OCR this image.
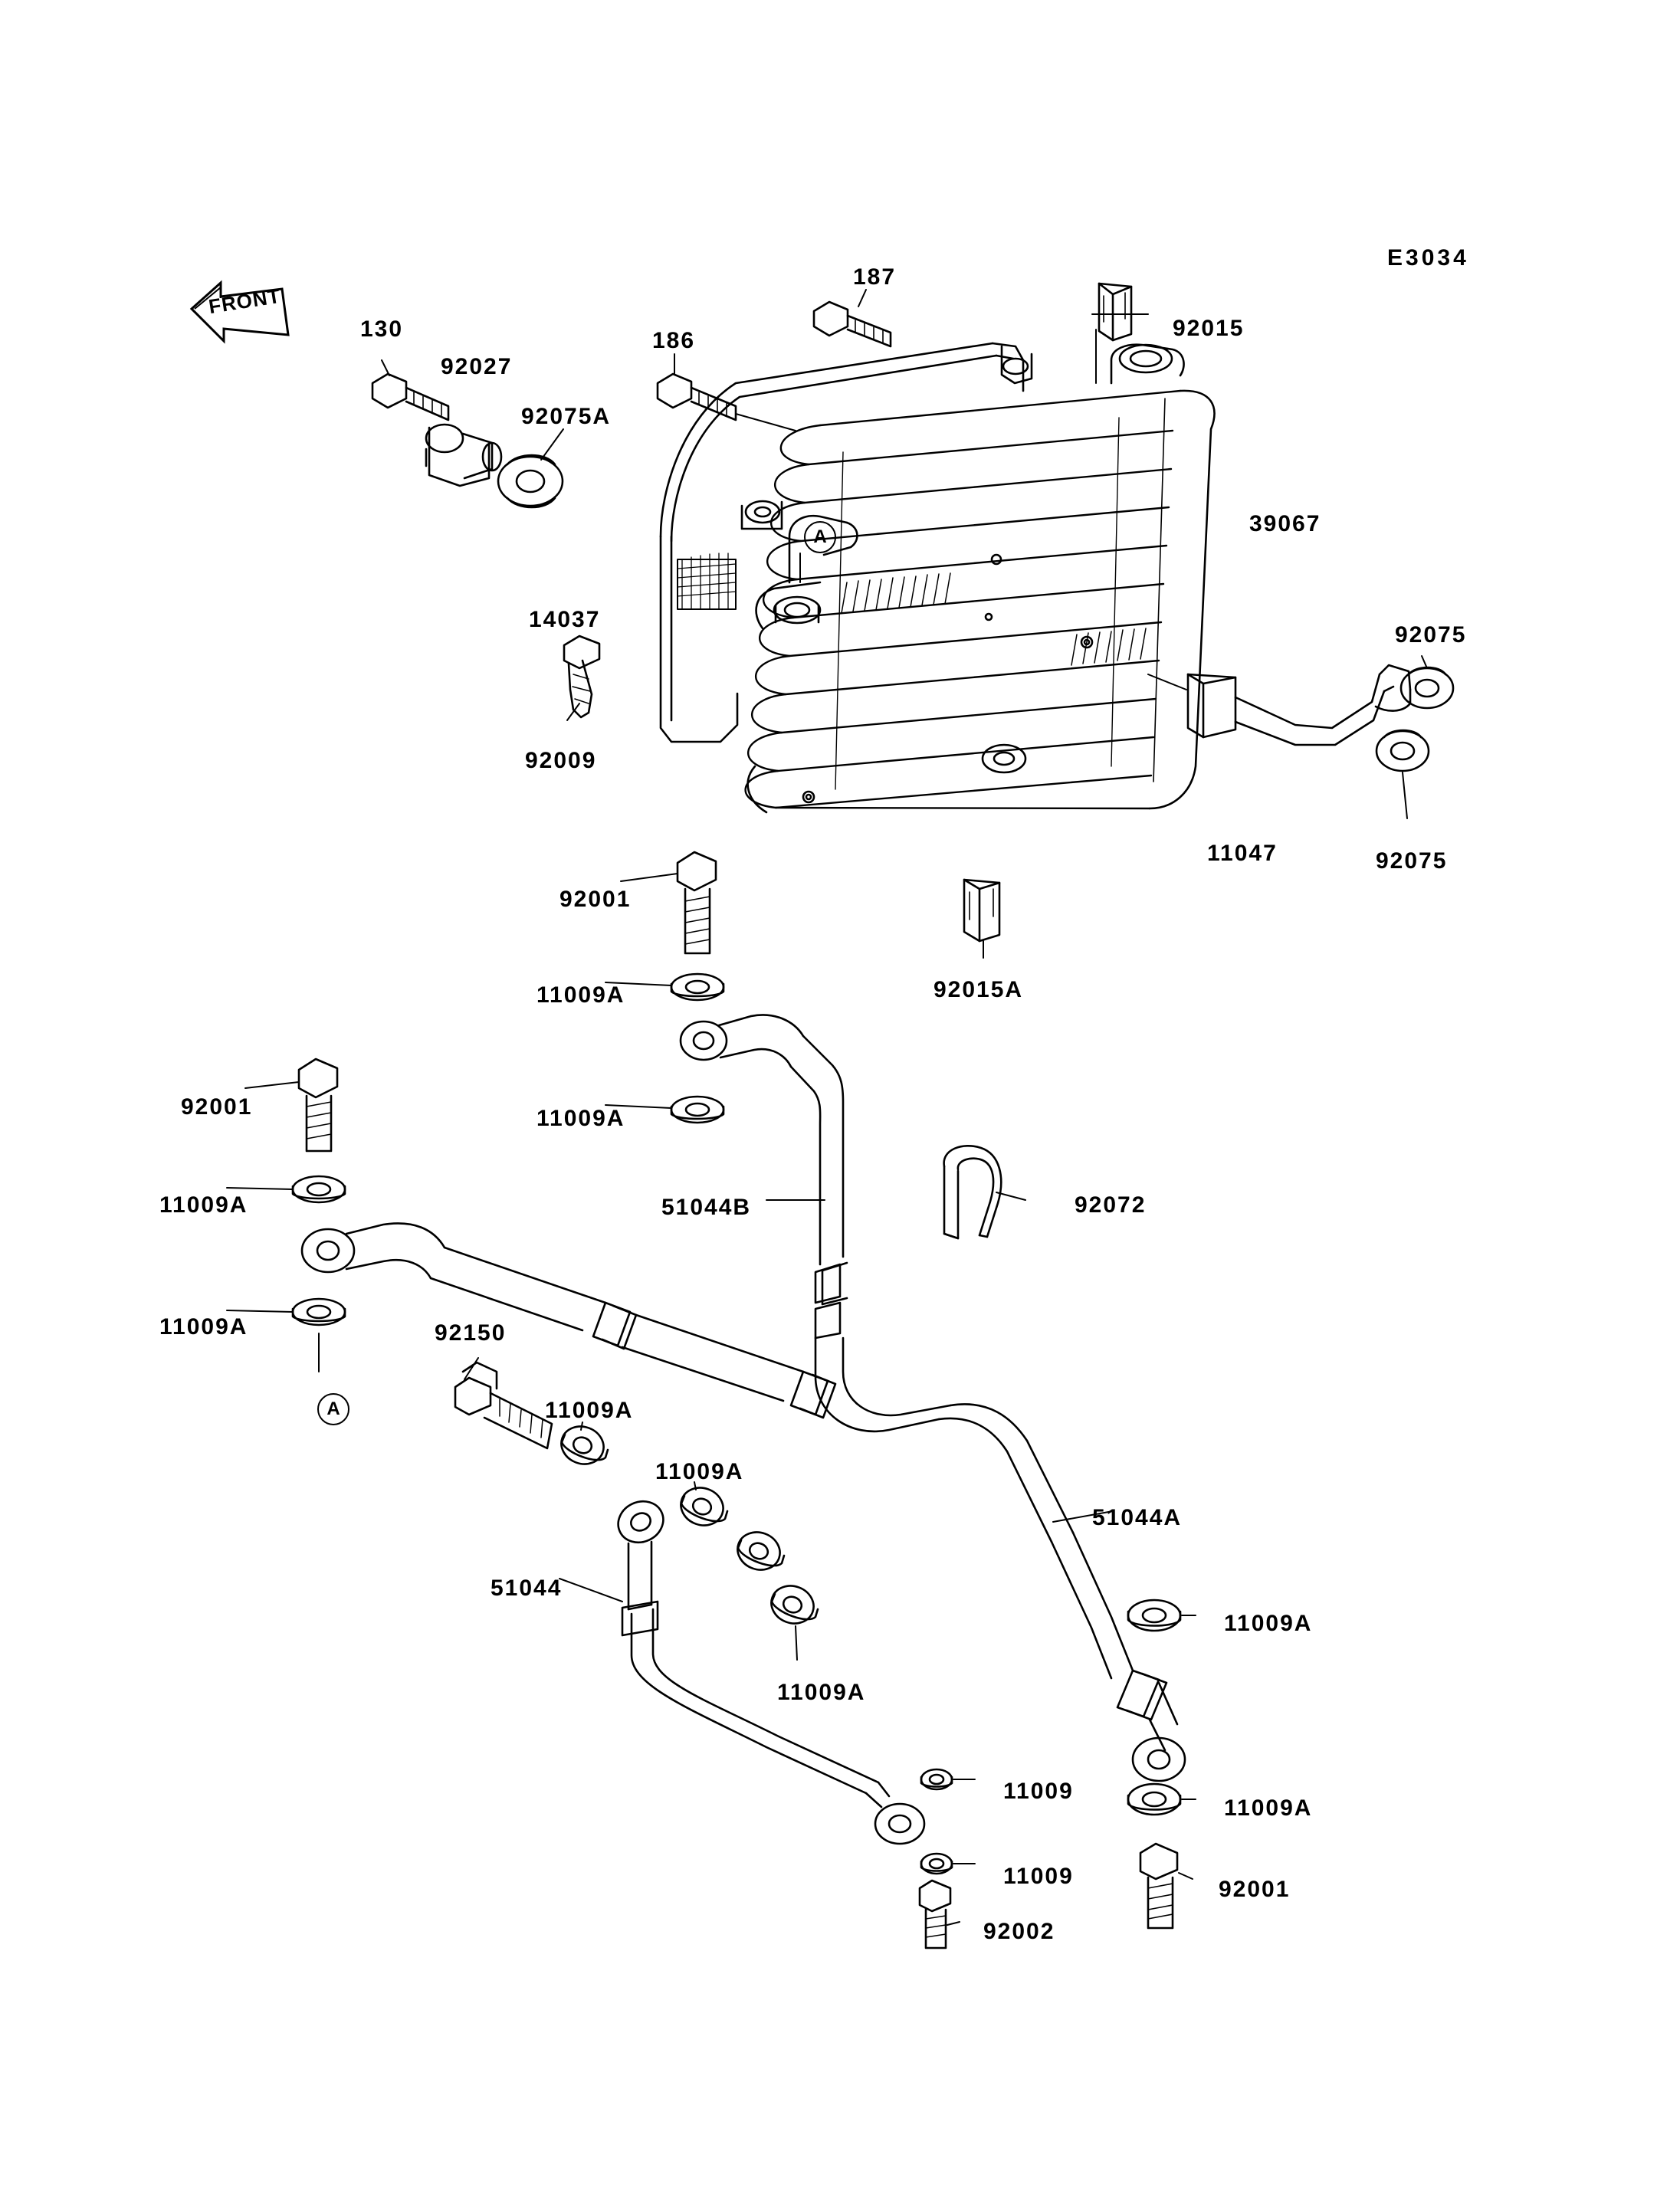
E3034
FRONT
130
92027
92075A
186
187
92015
39067
14037
92009
92075
11047	92075
92001
11009A	92015A
11009A
92001
11009A	51044B	92072
11009A	92150
11009A
11009A
51044A
51044
11009A
11009A
11009
11009A
11009
92001
92002
A
A
